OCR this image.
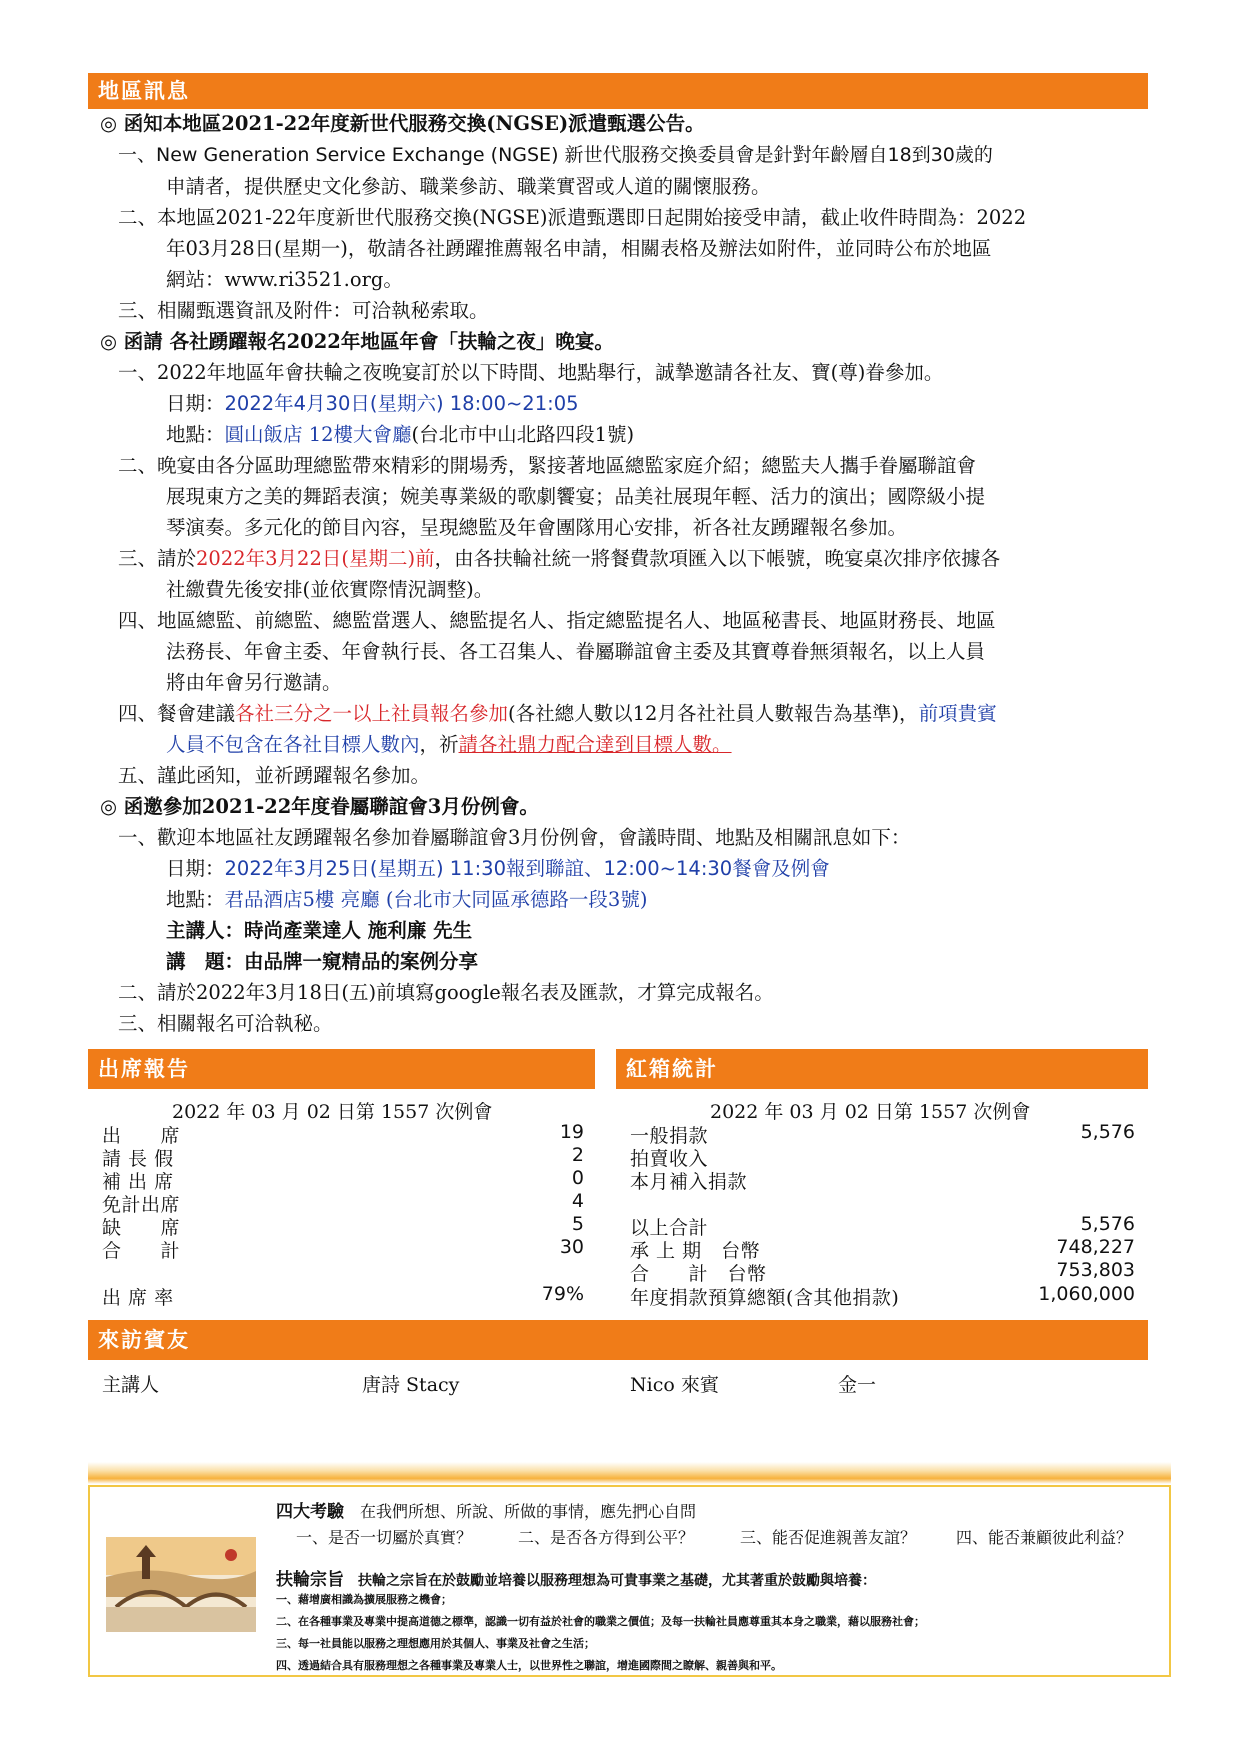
地區訊息
◎ 函知本地區2021-22年度新世代服務交換(NGSE)派遣甄選公告。
一、New Generation Service Exchange (NGSE) 新世代服務交換委員會是針對年齡層自18到30歲的
申請者，提供歷史文化參訪、職業參訪、職業實習或人道的關懷服務。
二、本地區2021-22年度新世代服務交換(NGSE)派遣甄選即日起開始接受申請，截止收件時間為：2022
年03月28日(星期一)，敬請各社踴躍推薦報名申請，相關表格及辦法如附件，並同時公布於地區
網站：www.ri3521.org。
三、相關甄選資訊及附件：可洽執秘索取。
◎ 函請 各社踴躍報名2022年地區年會「扶輪之夜」晚宴。
一、2022年地區年會扶輪之夜晚宴訂於以下時間、地點舉行，誠摯邀請各社友、寶(尊)眷參加。
日期：2022年4月30日(星期六) 18:00~21:05
地點：圓山飯店 12樓大會廳(台北市中山北路四段1號)
二、晚宴由各分區助理總監帶來精彩的開場秀，緊接著地區總監家庭介紹；總監夫人攜手眷屬聯誼會
展現東方之美的舞蹈表演；婉美專業級的歌劇饗宴；品美社展現年輕、活力的演出；國際級小提
琴演奏。多元化的節目內容，呈現總監及年會團隊用心安排，祈各社友踴躍報名參加。
三、請於2022年3月22日(星期二)前，由各扶輪社統一將餐費款項匯入以下帳號，晚宴桌次排序依據各
社繳費先後安排(並依實際情況調整)。
四、地區總監、前總監、總監當選人、總監提名人、指定總監提名人、地區秘書長、地區財務長、地區
法務長、年會主委、年會執行長、各工召集人、眷屬聯誼會主委及其寶尊眷無須報名，以上人員
將由年會另行邀請。
四、餐會建議各社三分之一以上社員報名參加(各社總人數以12月各社社員人數報告為基準)，前項貴賓
人員不包含在各社目標人數內，祈請各社鼎力配合達到目標人數。
五、謹此函知，並祈踴躍報名參加。
◎ 函邀參加2021-22年度眷屬聯誼會3月份例會。
一、歡迎本地區社友踴躍報名參加眷屬聯誼會3月份例會，會議時間、地點及相關訊息如下：
日期：2022年3月25日(星期五) 11:30報到聯誼、12:00~14:30餐會及例會
地點：君品酒店5樓 亮廳 (台北市大同區承德路一段3號)
主講人：時尚產業達人 施利廉 先生
講　題：由品牌一窺精品的案例分享
二、請於2022年3月18日(五)前填寫google報名表及匯款，才算完成報名。
三、相關報名可洽執秘。
出席報告
2022 年 03 月 02 日第 1557 次例會
出　　席	19
請 長 假	2
補 出 席	0
免計出席	4
缺　　席	5
合　　計	30
出 席 率	79%
紅箱統計
2022 年 03 月 02 日第 1557 次例會
一般捐款	5,576
拍賣收入
本月補入捐款
以上合計	5,576
承 上 期　台幣	748,227
合　　計　台幣	753,803
年度捐款預算總額(含其他捐款)	1,060,000
來訪賓友
主講人	唐詩 Stacy	Nico 來賓	金一
四大考驗　 在我們所想、所說、所做的事情，應先捫心自問
一、是否一切屬於真實？	二、是否各方得到公平？	三、能否促進親善友誼？ 四、能否兼顧彼此利益？
扶輪宗旨　 扶輪之宗旨在於鼓勵並培養以服務理想為可貴事業之基礎，尤其著重於鼓勵與培養：
一、藉增廣相識為擴展服務之機會；
二、在各種事業及專業中提高道德之標準，認識一切有益於社會的職業之價值；及每一扶輪社員應尊重其本身之職業，藉以服務社會；
三、每一社員能以服務之理想應用於其個人、事業及社會之生活；
四、透過結合具有服務理想之各種事業及專業人士，以世界性之聯誼，增進國際間之瞭解、親善與和平。
